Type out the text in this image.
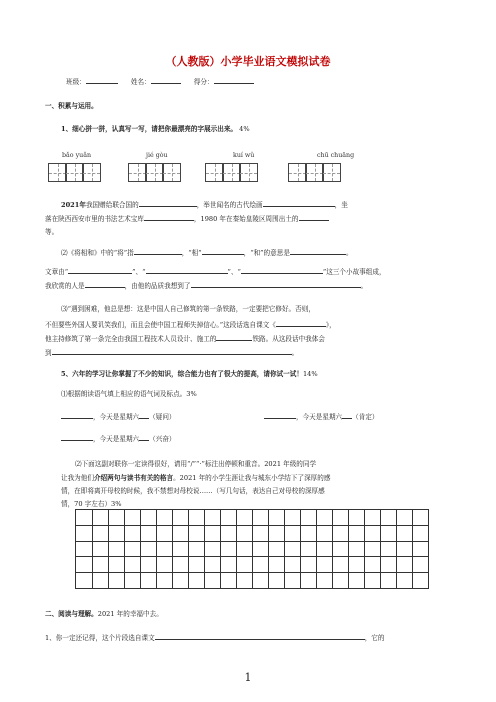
（人教版）小学毕业语文模拟试卷
班级：	姓名：	得分：
一、积累与运用。
1、细心拼一拼，认真写一写，请把你最漂亮的字展示出来。 4%
bǎo yuǎn	jié gòu	kuí wǔ	chū chuāng
2021年我国赠给联合国的	，举世闻名的古代绘画	，坐
落在陕西西安市里的书法艺术宝库	，1980 年在秦始皇陵区周围出土的
等。
⑵《将相和》中的“将”指	，“相”	，“和”的意思是	。
文章由“	”、“	”、“	”这三个小故事组成，
我欣赏的人是	，由他的品质我想到了	。
⑶“遇到困难，他总是想：这是中国人自己修筑的第一条铁路，一定要把它修好。否则，
不但要些外国人要讥笑我们，而且会使中国工程师失掉信心。”这段话选自课文《	》，
他主持修筑了第一条完全由我国工程技术人员设计、施工的	铁路。从这段话中我体会
到	。
5、六年的学习让你掌握了不少的知识，综合能力也有了很大的提高，请你试一试！14%
⑴根据朗读语气填上相应的语气词及标点。3%
，今天是星期六 （疑问）	，今天是星期六 （肯定）
，今天是星期六 （兴奋）
⑵下面这副对联你一定读得很好，请用“/”“·”标注出停顿和重音。2021 年级的同学
让我为他们介绍两句与读书有关的格言。2021 年的小学生涯让我与城东小学结下了深厚的感
情，在即将离开母校的时候，我不禁想对母校说……（写几句话，表达自己对母校的深厚感
情，70 字左右）3%
二、阅读与理解。2021 年的幸福中去。
1、你一定还记得，这个片段选自课文	，它的
1
